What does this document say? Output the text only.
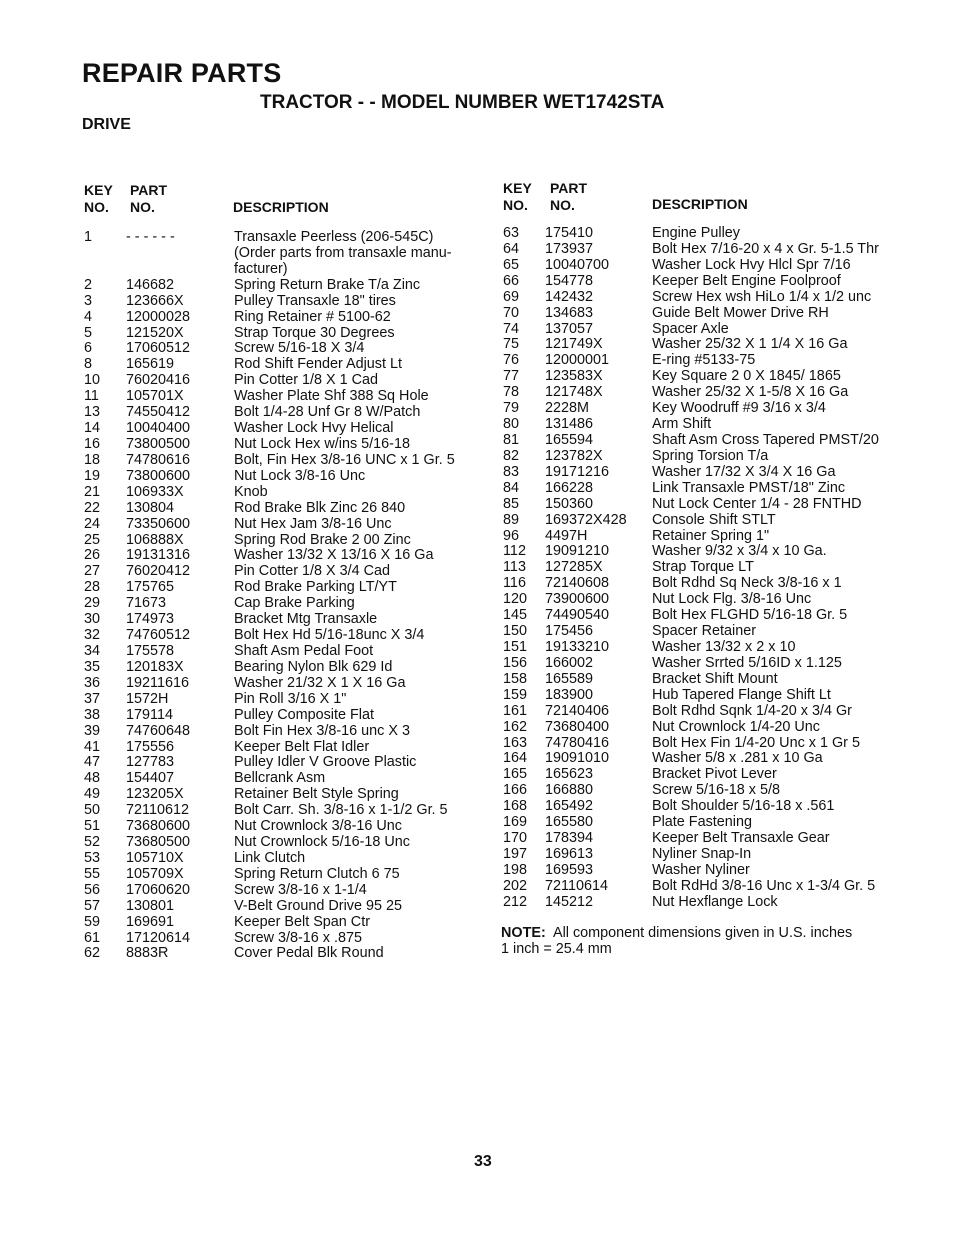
REPAIR PARTS
TRACTOR - - MODEL NUMBER WET1742STA
DRIVE
KEY
NO.
PART
NO.	DESCRIPTION
1 - - - - - -	Transaxle Peerless (206-545C)
(Order parts from transaxle manu-
facturer)
2 146682	Spring Return Brake T/a Zinc
3 123666X	Pulley Transaxle 18" tires
4 12000028	Ring Retainer # 5100-62
5 121520X	Strap Torque 30 Degrees
6 17060512	Screw 5/16-18 X 3/4
8 165619	Rod Shift Fender Adjust Lt
10 76020416	Pin Cotter 1/8 X 1 Cad
11 105701X	Washer Plate Shf 388 Sq Hole
13 74550412	Bolt 1/4-28 Unf Gr 8 W/Patch
14 10040400	Washer Lock Hvy Helical
16 73800500	Nut Lock Hex w/ins 5/16-18
18 74780616	Bolt, Fin Hex 3/8-16 UNC x 1 Gr. 5
19 73800600	Nut Lock 3/8-16 Unc
21 106933X	Knob
22 130804	Rod Brake Blk Zinc 26 840
24 73350600	Nut Hex Jam 3/8-16 Unc
25 106888X	Spring Rod Brake 2 00 Zinc
26 19131316	Washer 13/32 X 13/16 X 16 Ga
27 76020412	Pin Cotter 1/8 X 3/4 Cad
28 175765	Rod Brake Parking LT/YT
29 71673	Cap Brake Parking
30 174973	Bracket Mtg Transaxle
32 74760512	Bolt Hex Hd 5/16-18unc X 3/4
34 175578	Shaft Asm Pedal Foot
35 120183X	Bearing Nylon Blk 629 Id
36 19211616	Washer 21/32 X 1 X 16 Ga
37 1572H	Pin Roll 3/16 X 1"
38 179114	Pulley Composite Flat
39 74760648	Bolt Fin Hex 3/8-16 unc X 3
41 175556	Keeper Belt Flat Idler
47 127783	Pulley Idler V Groove Plastic
48 154407	Bellcrank Asm
49 123205X	Retainer Belt Style Spring
50 72110612	Bolt Carr. Sh. 3/8-16 x 1-1/2 Gr. 5
51 73680600	Nut Crownlock 3/8-16 Unc
52 73680500	Nut Crownlock 5/16-18 Unc
53 105710X	Link Clutch
55 105709X	Spring Return Clutch 6 75
56 17060620	Screw 3/8-16 x 1-1/4
57 130801	V-Belt Ground Drive 95 25
59 169691	Keeper Belt Span Ctr
61 17120614	Screw 3/8-16 x .875
62 8883R	Cover Pedal Blk Round
KEY
NO.
PART
NO.	DESCRIPTION
63 175410	Engine Pulley
64 173937	Bolt Hex 7/16-20 x 4 x Gr. 5-1.5 Thr
65 10040700	Washer Lock Hvy Hlcl Spr 7/16
66 154778	Keeper Belt Engine Foolproof
69 142432	Screw Hex wsh HiLo 1/4 x 1/2 unc
70 134683	Guide Belt Mower Drive RH
74 137057	Spacer Axle
75 121749X	Washer 25/32 X 1 1/4 X 16 Ga
76 12000001	E-ring #5133-75
77 123583X	Key Square 2 0 X 1845/ 1865
78 121748X	Washer 25/32 X 1-5/8 X 16 Ga
79 2228M	Key Woodruff #9 3/16 x 3/4
80 131486	Arm Shift
81 165594	Shaft Asm Cross Tapered PMST/20
82 123782X	Spring Torsion T/a
83 19171216	Washer 17/32 X 3/4 X 16 Ga
84 166228	Link Transaxle PMST/18" Zinc
85 150360	Nut Lock Center 1/4 - 28 FNTHD
89 169372X428 Console Shift STLT
96 4497H	Retainer Spring 1"
112 19091210	Washer 9/32 x 3/4 x 10 Ga.
113 127285X	Strap Torque LT
116 72140608	Bolt Rdhd Sq Neck 3/8-16 x 1
120 73900600	Nut Lock Flg. 3/8-16 Unc
145 74490540	Bolt Hex FLGHD 5/16-18 Gr. 5
150 175456	Spacer Retainer
151 19133210	Washer 13/32 x 2 x 10
156 166002	Washer Srrted 5/16ID x 1.125
158 165589	Bracket Shift Mount
159 183900	Hub Tapered Flange Shift Lt
161 72140406	Bolt Rdhd Sqnk 1/4-20 x 3/4 Gr
162 73680400	Nut Crownlock 1/4-20 Unc
163 74780416	Bolt Hex Fin 1/4-20 Unc x 1 Gr 5
164 19091010	Washer 5/8 x .281 x 10 Ga
165 165623	Bracket Pivot Lever
166 166880	Screw 5/16-18 x 5/8
168 165492	Bolt Shoulder 5/16-18 x .561
169 165580	Plate Fastening
170 178394	Keeper Belt Transaxle Gear
197 169613	Nyliner Snap-In
198 169593	Washer Nyliner
202 72110614	Bolt RdHd 3/8-16 Unc x 1-3/4 Gr. 5
212 145212	Nut Hexflange Lock
NOTE: All component dimensions given in U.S. inches
1 inch = 25.4 mm
33
